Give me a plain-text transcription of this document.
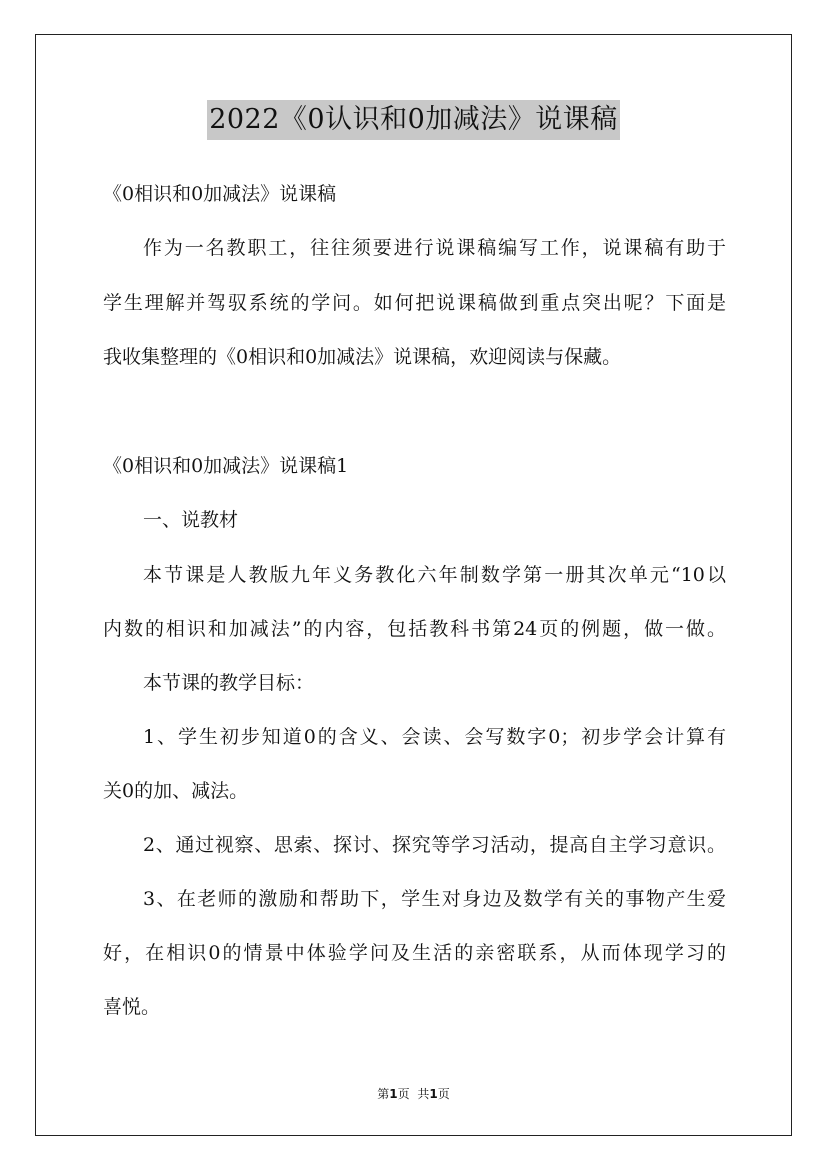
2022《0认识和0加减法》说课稿
《0相识和0加减法》说课稿
作为一名教职工，往往须要进行说课稿编写工作，说课稿有助于
学生理解并驾驭系统的学问。如何把说课稿做到重点突出呢？下面是
我收集整理的《0相识和0加减法》说课稿，欢迎阅读与保藏。
《0相识和0加减法》说课稿1
一、说教材
本节课是人教版九年义务教化六年制数学第一册其次单元“10以
内数的相识和加减法”的内容，包括教科书第24页的例题，做一做。
本节课的教学目标：
1、学生初步知道0的含义、会读、会写数字0；初步学会计算有
关0的加、减法。
2、通过视察、思索、探讨、探究等学习活动，提高自主学习意识。
3、在老师的激励和帮助下，学生对身边及数学有关的事物产生爱
好，在相识0的情景中体验学问及生活的亲密联系，从而体现学习的
喜悦。
第1页 共1页
